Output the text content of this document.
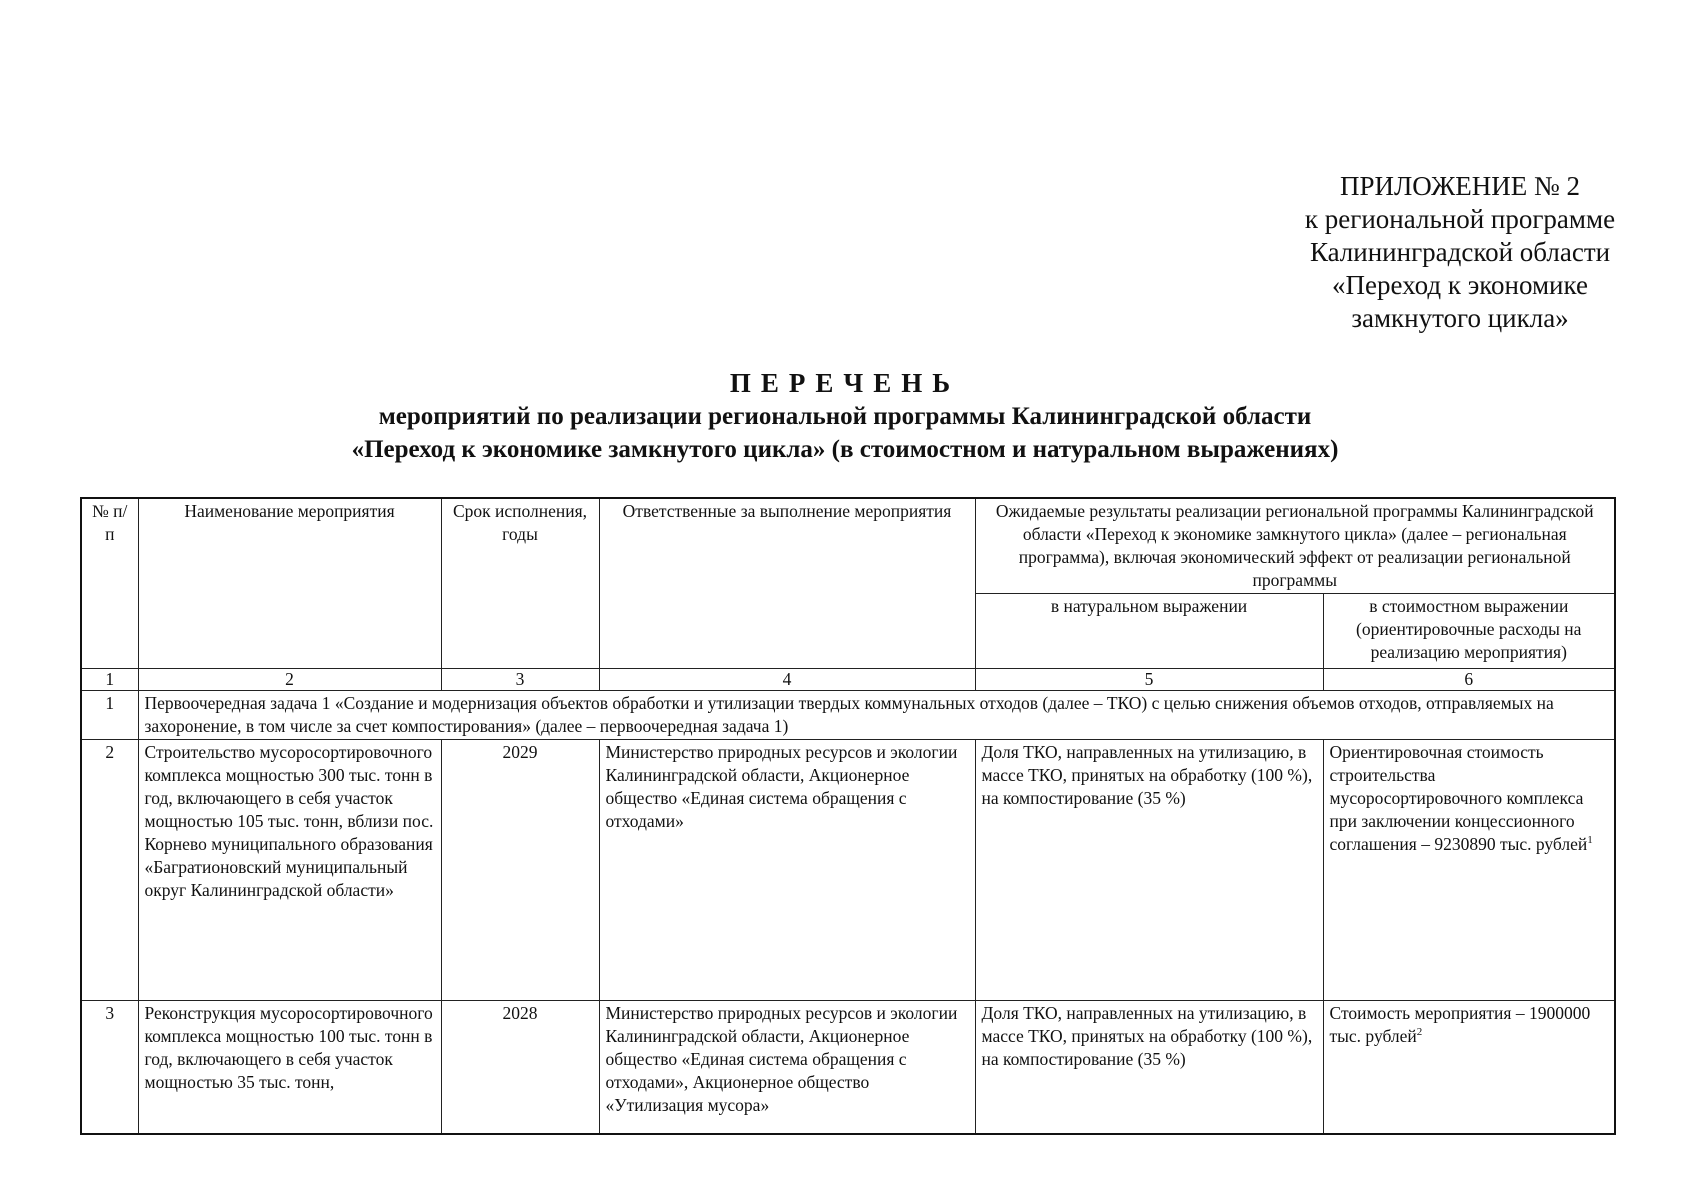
ПРИЛОЖЕНИЕ № 2
к региональной программе
Калининградской области
«Переход к экономике
замкнутого цикла»
ПЕРЕЧЕНЬ
мероприятий по реализации региональной программы Калининградской области
«Переход к экономике замкнутого цикла» (в стоимостном и натуральном выражениях)
№ п/п	Наименование мероприятия	Срок исполнения, годы	Ответственные за выполнение мероприятия	Ожидаемые результаты реализации региональной программы Калининградской области «Переход к экономике замкнутого цикла» (далее – региональная программа), включая экономический эффект от реализации региональной программы	
				в натуральном выражении	в стоимостном выражении (ориентировочные расходы на реализацию мероприятия)
1	2	3	4	5	6
1	Первоочередная задача 1 «Создание и модернизация объектов обработки и утилизации твердых коммунальных отходов (далее – ТКО) с целью снижения объемов отходов, отправляемых на захоронение, в том числе за счет компостирования» (далее – первоочередная задача 1)				
2	Строительство мусоросортировочного комплекса мощностью 300 тыс. тонн в год, включающего в себя участок мощностью 105 тыс. тонн, вблизи пос. Корнево муниципального образования «Багратионовский муниципальный округ Калининградской области»	2029	Министерство природных ресурсов и экологии Калининградской области, Акционерное общество «Единая система обращения с отходами»	Доля ТКО, направленных на утилизацию, в массе ТКО, принятых на обработку (100 %), на компостирование (35 %)	Ориентировочная стоимость строительства мусоросортировочного комплекса при заключении концессионного соглашения – 9230890 тыс. рублей$^1$
3	Реконструкция мусоросортировочного комплекса мощностью 100 тыс. тонн в год, включающего в себя участок мощностью 35 тыс. тонн,	2028	Министерство природных ресурсов и экологии Калининградской области, Акционерное общество «Единая система обращения с отходами», Акционерное общество «Утилизация мусора»	Доля ТКО, направленных на утилизацию, в массе ТКО, принятых на обработку (100 %), на компостирование (35 %)	Стоимость мероприятия – 1900000 тыс. рублей$^2$
